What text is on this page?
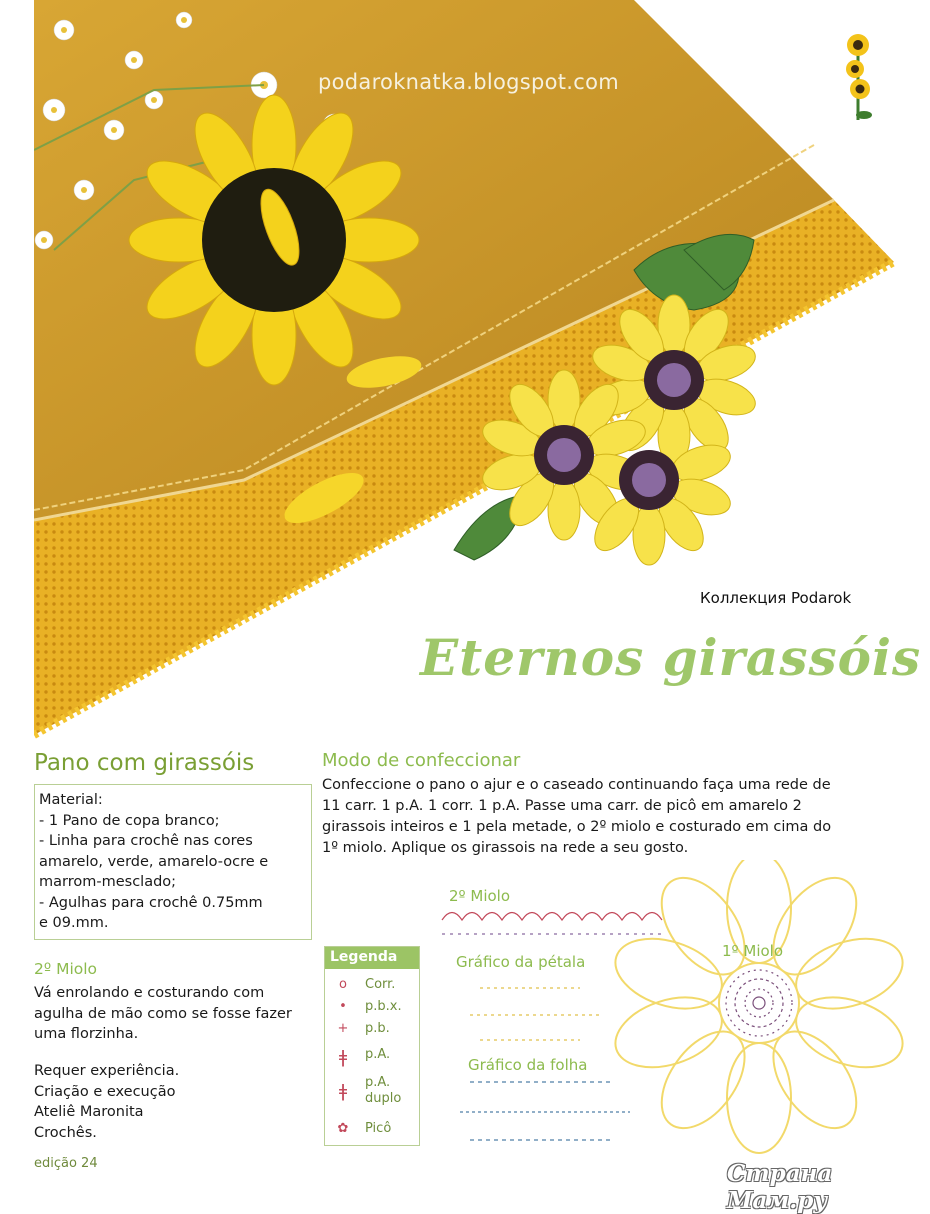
podaroknatka.blogspot.com
Коллекция Podarok
Eternos girassóis
Pano com girassóis
Material:
- 1 Pano de copa branco;
- Linha para crochê nas cores
amarelo, verde, amarelo-ocre e
marrom-mesclado;
- Agulhas para crochê 0.75mm
e 09.mm.
2º Miolo
Vá enrolando e costurando com
agulha de mão como se fosse fazer
uma florzinha.
Requer experiência.
Criação e execução
Ateliê Maronita
Crochês.
edição 24
Modo de confeccionar
Confeccione o pano o ajur e o caseado continuando faça uma rede de
11 carr. 1 p.A. 1 corr. 1 p.A. Passe uma carr. de picô em amarelo 2
girassois inteiros e 1 pela metade, o 2º miolo e costurado em cima do
1º miolo. Aplique os girassois na rede a seu gosto.
Legenda
o	Corr.
•	p.b.x.
+	p.b.
ǂ	p.A.
ǂ	p.A.
duplo
✿	Picô
2º Miolo
Gráfico da pétala
Gráfico da folha
1º Miolo
Страна Мам.ру
